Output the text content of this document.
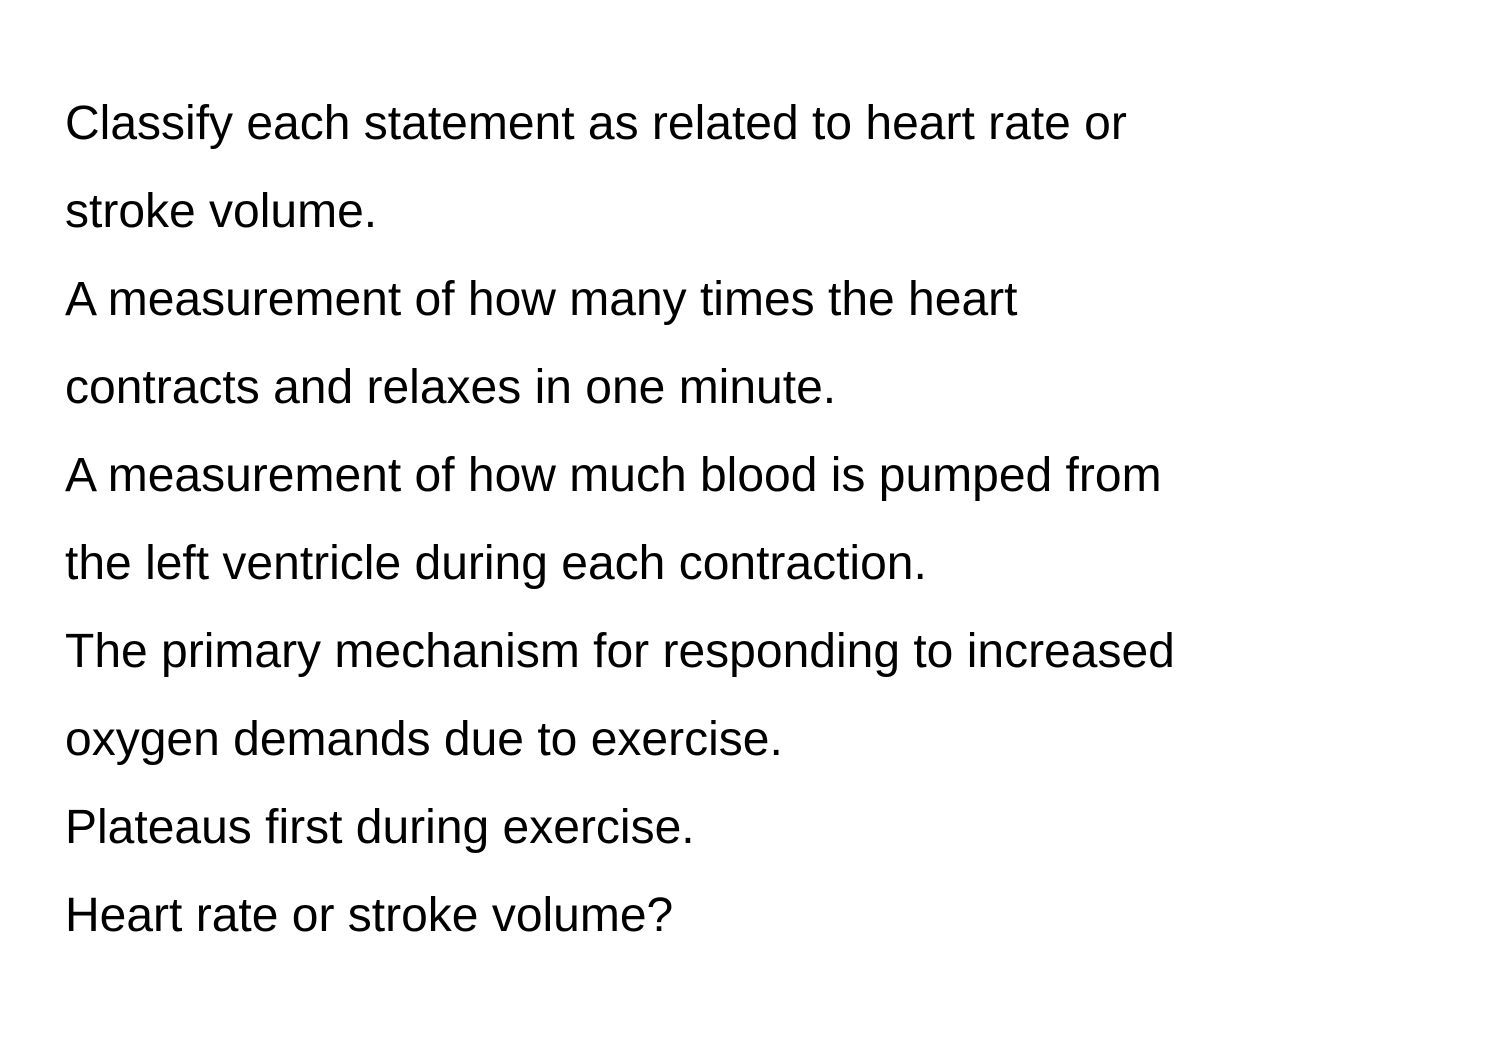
Classify each statement as related to heart rate or
stroke volume.
A measurement of how many times the heart
contracts and relaxes in one minute.
A measurement of how much blood is pumped from
the left ventricle during each contraction.
The primary mechanism for responding to increased
oxygen demands due to exercise.
Plateaus first during exercise.
Heart rate or stroke volume?
